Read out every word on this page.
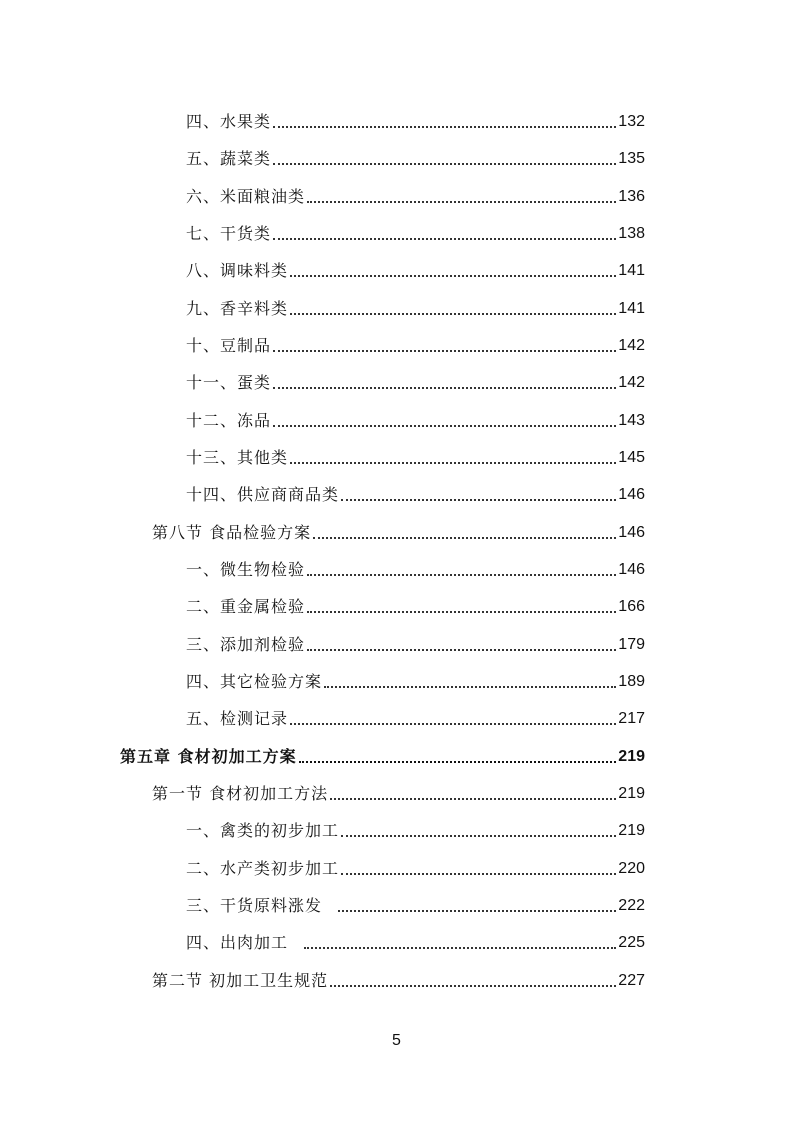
四、水果类	132
五、蔬菜类	135
六、米面粮油类	136
七、干货类	138
八、调味料类	141
九、香辛料类	141
十、豆制品	142
十一、蛋类	142
十二、冻品	143
十三、其他类	145
十四、供应商商品类	146
第八节 食品检验方案	146
一、微生物检验	146
二、重金属检验	166
三、添加剂检验	179
四、其它检验方案	189
五、检测记录	217
第五章 食材初加工方案	219
第一节 食材初加工方法	219
一、禽类的初步加工	219
二、水产类初步加工	220
三、干货原料涨发	222
四、出肉加工	225
第二节 初加工卫生规范	227
5
